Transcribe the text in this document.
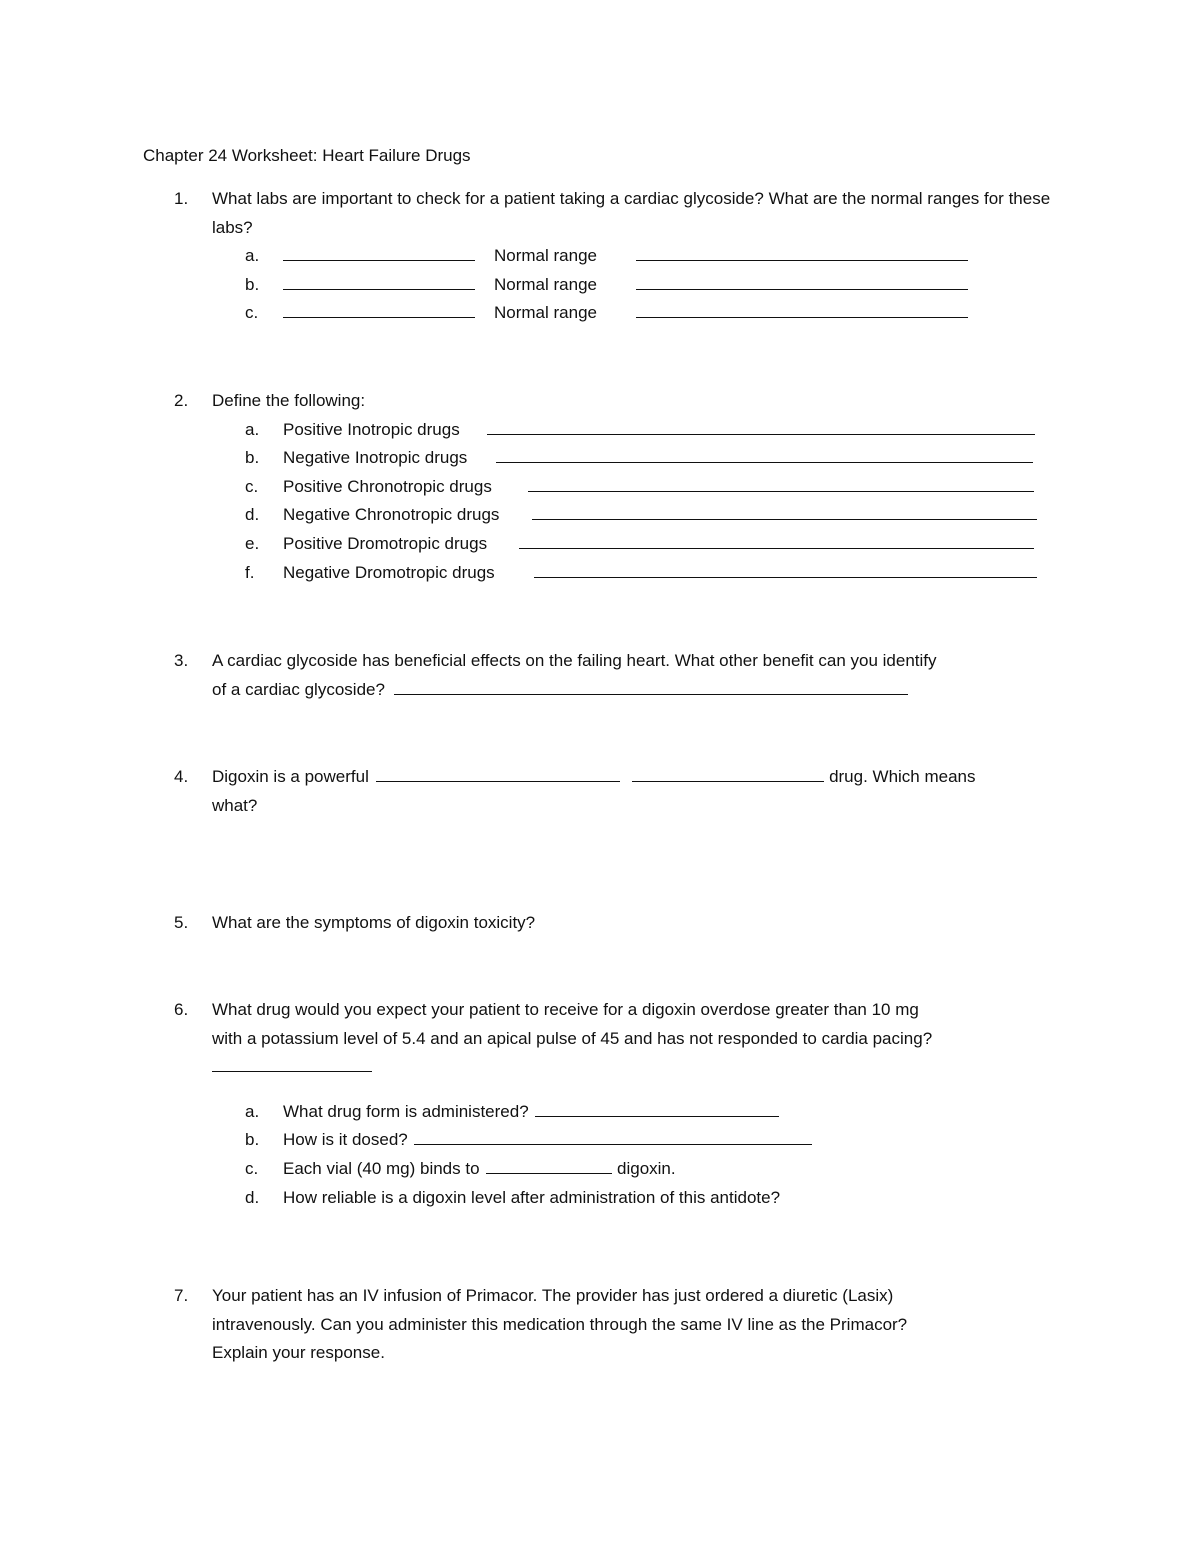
Chapter 24 Worksheet: Heart Failure Drugs
1.	What labs are important to check for a patient taking a cardiac glycoside? What are the normal ranges for these labs?
a.	Normal range
b.	Normal range
c.	Normal range
2.	Define the following:
a. Positive Inotropic drugs
b. Negative Inotropic drugs
c. Positive Chronotropic drugs
d. Negative Chronotropic drugs
e. Positive Dromotropic drugs
f. Negative Dromotropic drugs
3.	A cardiac glycoside has beneficial effects on the failing heart. What other benefit can you identify
of a cardiac glycoside?
4.	Digoxin is a powerful	drug. Which means
what?
5.	What are the symptoms of digoxin toxicity?
6.	What drug would you expect your patient to receive for a digoxin overdose greater than 10 mg
with a potassium level of 5.4 and an apical pulse of 45 and has not responded to cardia pacing?
a. What drug form is administered?
b. How is it dosed?
c. Each vial (40 mg) binds to	digoxin.
d. How reliable is a digoxin level after administration of this antidote?
7.	Your patient has an IV infusion of Primacor. The provider has just ordered a diuretic (Lasix)
intravenously. Can you administer this medication through the same IV line as the Primacor?
Explain your response.
